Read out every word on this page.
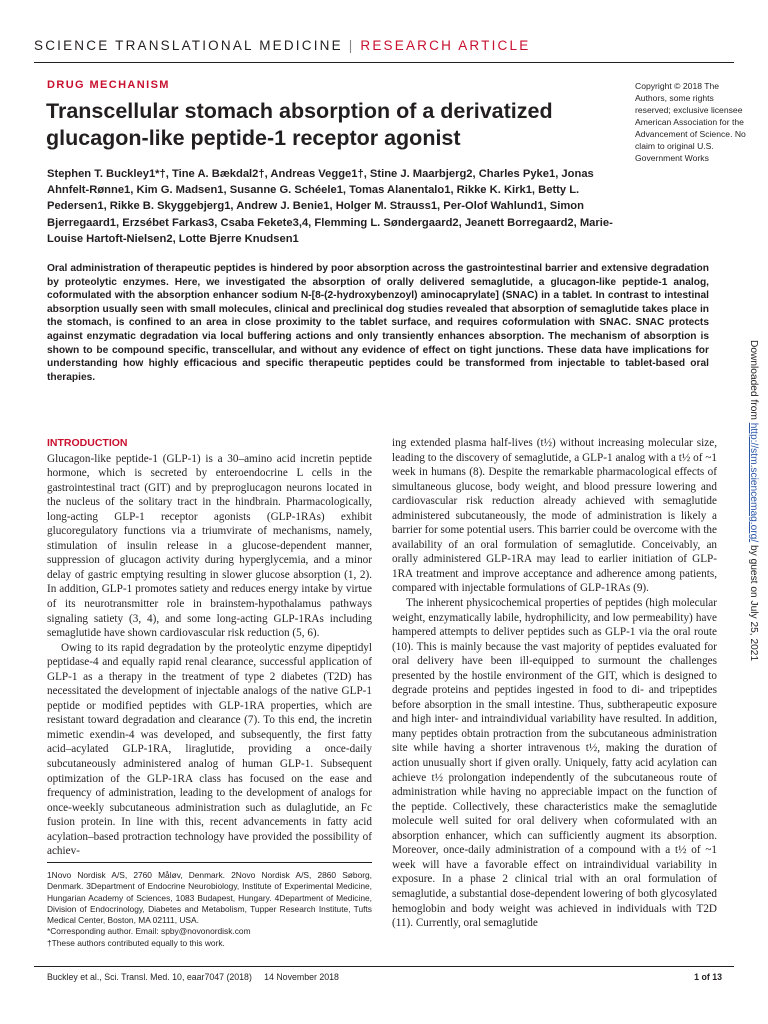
SCIENCE TRANSLATIONAL MEDICINE | RESEARCH ARTICLE
DRUG MECHANISM
Transcellular stomach absorption of a derivatized glucagon-like peptide-1 receptor agonist
Stephen T. Buckley1*†, Tine A. Bækdal2†, Andreas Vegge1†, Stine J. Maarbjerg2, Charles Pyke1, Jonas Ahnfelt-Rønne1, Kim G. Madsen1, Susanne G. Schéele1, Tomas Alanentalo1, Rikke K. Kirk1, Betty L. Pedersen1, Rikke B. Skyggebjerg1, Andrew J. Benie1, Holger M. Strauss1, Per-Olof Wahlund1, Simon Bjerregaard1, Erzsébet Farkas3, Csaba Fekete3,4, Flemming L. Søndergaard2, Jeanett Borregaard2, Marie-Louise Hartoft-Nielsen2, Lotte Bjerre Knudsen1
Copyright © 2018 The Authors, some rights reserved; exclusive licensee American Association for the Advancement of Science. No claim to original U.S. Government Works
Oral administration of therapeutic peptides is hindered by poor absorption across the gastrointestinal barrier and extensive degradation by proteolytic enzymes. Here, we investigated the absorption of orally delivered semaglutide, a glucagon-like peptide-1 analog, coformulated with the absorption enhancer sodium N-[8-(2-hydroxybenzoyl) aminocaprylate] (SNAC) in a tablet. In contrast to intestinal absorption usually seen with small molecules, clinical and preclinical dog studies revealed that absorption of semaglutide takes place in the stomach, is confined to an area in close proximity to the tablet surface, and requires coformulation with SNAC. SNAC protects against enzymatic degradation via local buffering actions and only transiently enhances absorption. The mechanism of absorption is shown to be compound specific, transcellular, and without any evidence of effect on tight junctions. These data have implications for understanding how highly efficacious and specific therapeutic peptides could be transformed from injectable to tablet-based oral therapies.	Downloaded from http://stm.sciencemag.org/ by guest on July 25, 2021
INTRODUCTION

Glucagon-like peptide-1 (GLP-1) is a 30–amino acid incretin peptide hormone, which is secreted by enteroendocrine L cells in the gastrointestinal tract (GIT) and by preproglucagon neurons located in the nucleus of the solitary tract in the hindbrain. Pharmacologically, long-acting GLP-1 receptor agonists (GLP-1RAs) exhibit glucoregulatory functions via a triumvirate of mechanisms, namely, stimulation of insulin release in a glucose-dependent manner, suppression of glucagon activity during hyperglycemia, and a minor delay of gastric emptying resulting in slower glucose absorption (1, 2). In addition, GLP-1 promotes satiety and reduces energy intake by virtue of its neurotransmitter role in brainstem-hypothalamus pathways signaling satiety (3, 4), and some long-acting GLP-1RAs including semaglutide have shown cardiovascular risk reduction (5, 6).

Owing to its rapid degradation by the proteolytic enzyme dipeptidyl peptidase-4 and equally rapid renal clearance, successful application of GLP-1 as a therapy in the treatment of type 2 diabetes (T2D) has necessitated the development of injectable analogs of the native GLP-1 peptide or modified peptides with GLP-1RA properties, which are resistant toward degradation and clearance (7). To this end, the incretin mimetic exendin-4 was developed, and subsequently, the first fatty acid–acylated GLP-1RA, liraglutide, providing a once-daily subcutaneously administered analog of human GLP-1. Subsequent optimization of the GLP-1RA class has focused on the ease and frequency of administration, leading to the development of analogs for once-weekly subcutaneous administration such as dulaglutide, an Fc fusion protein. In line with this, recent advancements in fatty acid acylation–based protraction technology have provided the possibility of achiev-

ing extended plasma half-lives (t½) without increasing molecular size, leading to the discovery of semaglutide, a GLP-1 analog with a t½ of ~1 week in humans (8). Despite the remarkable pharmacological effects of simultaneous glucose, body weight, and blood pressure lowering and cardiovascular risk reduction already achieved with semaglutide administered subcutaneously, the mode of administration is likely a barrier for some potential users. This barrier could be overcome with the availability of an oral formulation of semaglutide. Conceivably, an orally administered GLP-1RA may lead to earlier initiation of GLP-1RA treatment and improve acceptance and adherence among patients, compared with injectable formulations of GLP-1RAs (9).

The inherent physicochemical properties of peptides (high molecular weight, enzymatically labile, hydrophilicity, and low permeability) have hampered attempts to deliver peptides such as GLP-1 via the oral route (10). This is mainly because the vast majority of peptides evaluated for oral delivery have been ill-equipped to surmount the challenges presented by the hostile environment of the GIT, which is designed to degrade proteins and peptides ingested in food to di- and tripeptides before absorption in the small intestine. Thus, subtherapeutic exposure and high inter- and intraindividual variability have resulted. In addition, many peptides obtain protraction from the subcutaneous administration site while having a shorter intravenous t½, making the duration of action unusually short if given orally. Uniquely, fatty acid acylation can achieve t½ prolongation independently of the subcutaneous route of administration while having no appreciable impact on the function of the peptide. Collectively, these characteristics make the semaglutide molecule well suited for oral delivery when coformulated with an absorption enhancer, which can sufficiently augment its absorption. Moreover, once-daily administration of a compound with a t½ of ~1 week will have a favorable effect on intraindividual variability in exposure. In a phase 2 clinical trial with an oral formulation of semaglutide, a substantial dose-dependent lowering of both glycosylated hemoglobin and body weight was achieved in individuals with T2D (11). Currently, oral semaglutide

1Novo Nordisk A/S, 2760 Måløv, Denmark. 2Novo Nordisk A/S, 2860 Søborg, Denmark. 3Department of Endocrine Neurobiology, Institute of Experimental Medicine, Hungarian Academy of Sciences, 1083 Budapest, Hungary. 4Department of Medicine, Division of Endocrinology, Diabetes and Metabolism, Tupper Research Institute, Tufts Medical Center, Boston, MA 02111, USA.
*Corresponding author. Email: spby@novonordisk.com
†These authors contributed equally to this work.
Buckley et al., Sci. Transl. Med. 10, eaar7047 (2018)     14 November 2018	1 of 13
